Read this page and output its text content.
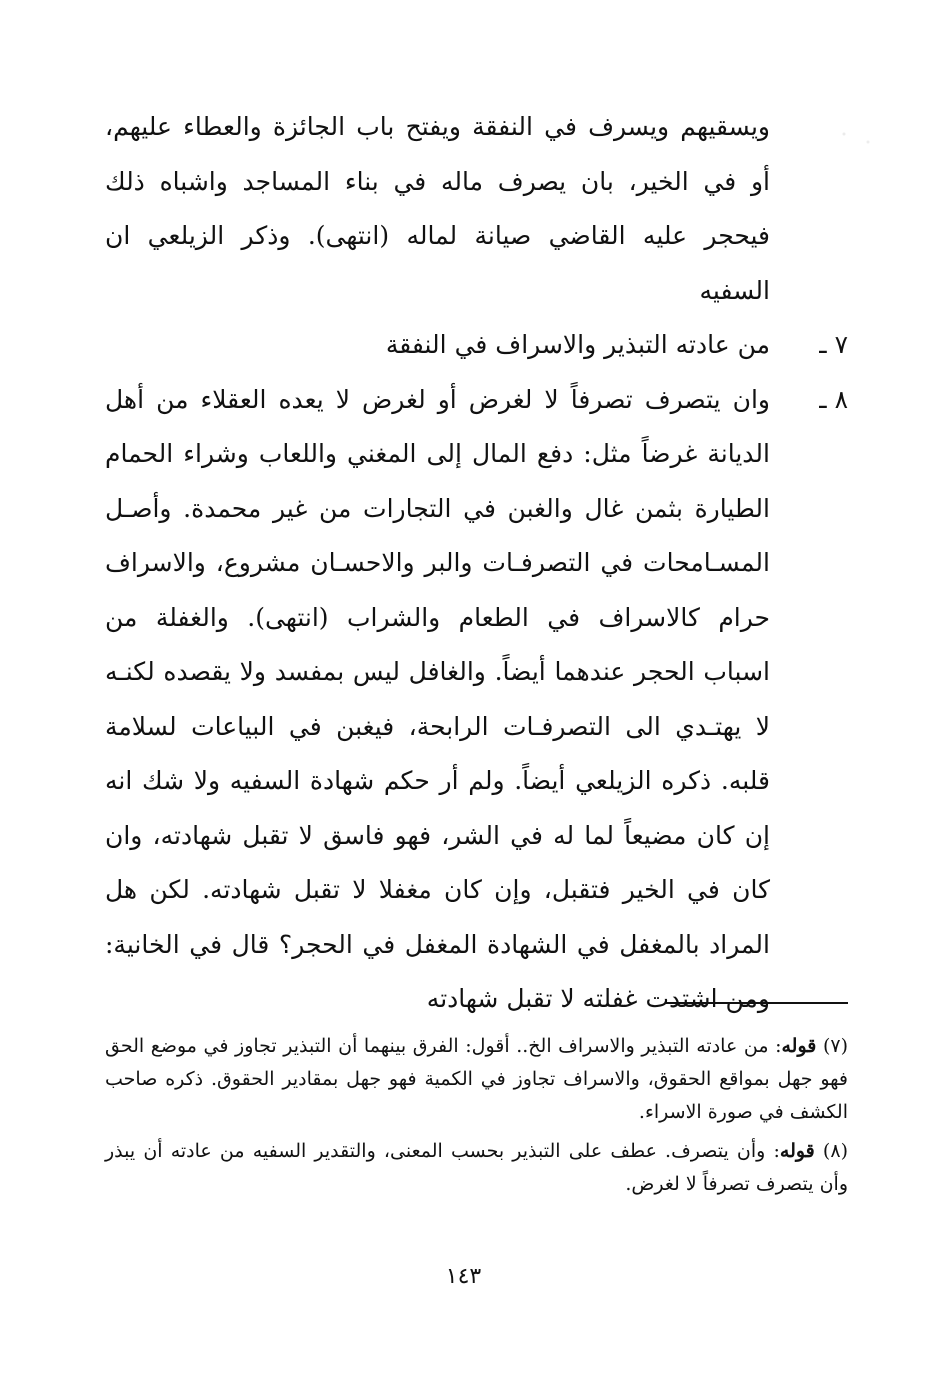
ويسقيهم ويسرف في النفقة ويفتح باب الجائزة والعطاء عليهم، أو في الخير، بان يصرف ماله في بناء المساجد واشباه ذلك فيحجر عليه القاضي صيانة لماله (انتهى). وذكر الزيلعي ان السفيه

٧ ـ

من عادته التبذير والاسراف في النفقة

٨ ـ

وان يتصرف تصرفاً لا لغرض أو لغرض لا يعده العقلاء من أهل الديانة غرضاً مثل: دفع المال إلى المغني واللعاب وشراء الحمام الطيارة بثمن غال والغبن في التجارات من غير محمدة. وأصـل المسـامحات في التصرفـات والبر والاحسـان مشروع، والاسراف حرام كالاسراف في الطعام والشراب (انتهى). والغفلة من اسباب الحجر عندهما أيضاً. والغافل ليس بمفسد ولا يقصده لكنـه لا يهتـدي الى التصرفـات الرابحة، فيغبن في البياعات لسلامة قلبه. ذكره الزيلعي أيضاً. ولم أر حكم شهادة السفيه ولا شك انه إن كان مضيعاً لما له في الشر، فهو فاسق لا تقبل شهادته، وان كان في الخير فتقبل، وإن كان مغفلا لا تقبل شهادته. لكن هل المراد بالمغفل في الشهادة المغفل في الحجر؟ قال في الخانية: ومن اشتدت غفلته لا تقبل شهادته

(٧) قوله: من عادته التبذير والاسراف الخ.. أقول: الفرق بينهما أن التبذير تجاوز في موضع الحق فهو جهل بمواقع الحقوق، والاسراف تجاوز في الكمية فهو جهل بمقادير الحقوق. ذكره صاحب الكشف في صورة الاسراء.

(٨) قوله: وأن يتصرف. عطف على التبذير بحسب المعنى، والتقدير السفيه من عادته أن يبذر وأن يتصرف تصرفاً لا لغرض.

١٤٣
